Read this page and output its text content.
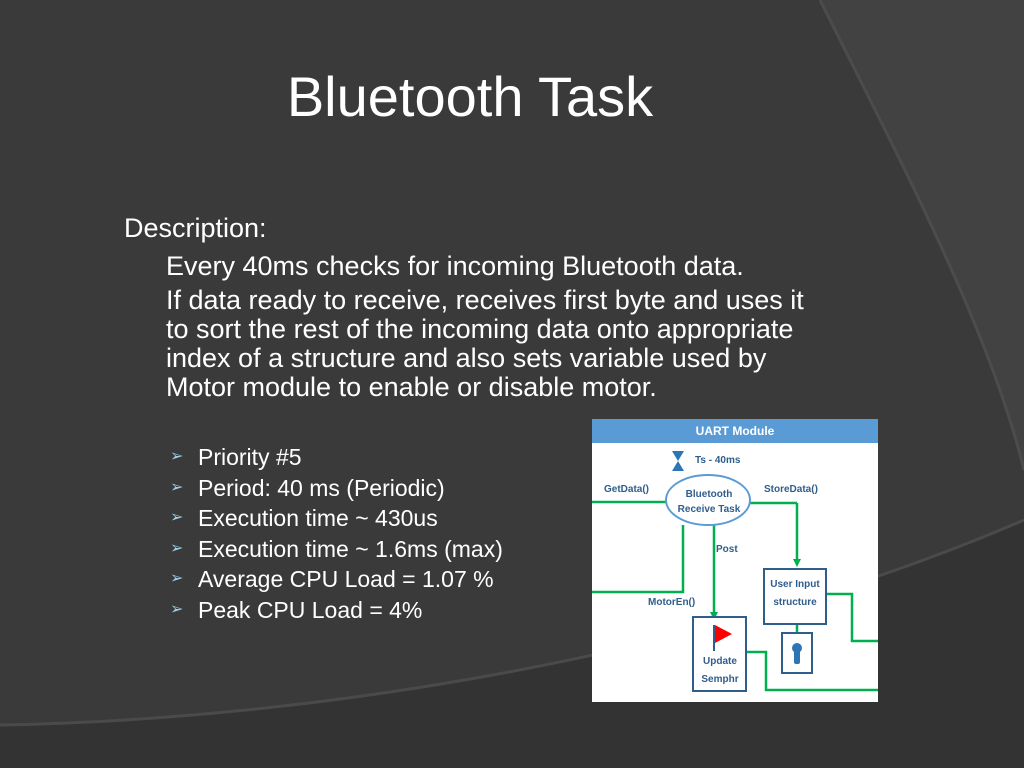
Bluetooth Task
Description:
Every 40ms checks for incoming Bluetooth data.
If data ready to receive, receives first byte and uses it
to sort the rest of the incoming data onto appropriate
index of a structure and also sets variable used by
Motor module to enable or disable motor.
➢ Priority #5
➢ Period: 40 ms (Periodic)
➢ Execution time ~ 430us
➢ Execution time ~ 1.6ms (max)
➢ Average CPU Load = 1.07 %
➢ Peak CPU Load = 4%
UART Module
Ts - 40ms
Bluetooth
Receive Task
GetData()	StoreData()
Post
MotorEn()
User Input
structure
Update
Semphr
